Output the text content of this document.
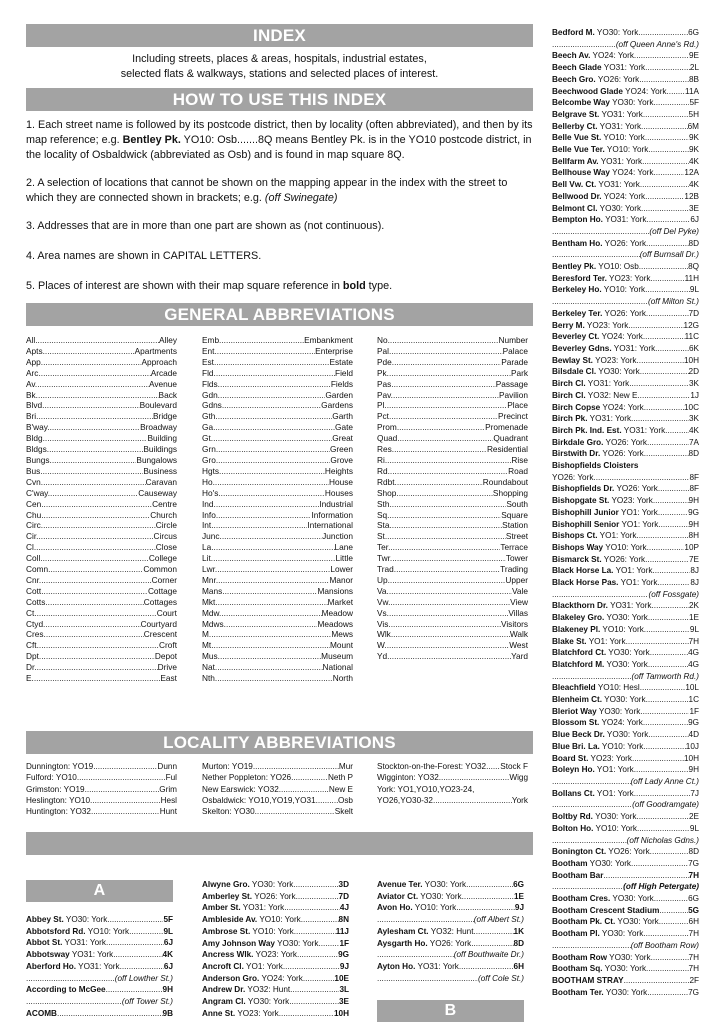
INDEX
Including streets, places & areas, hospitals, industrial estates,
selected flats & walkways, stations and selected places of interest.
HOW TO USE THIS INDEX
1. Each street name is followed by its postcode district, then by locality (often abbreviated), and then by its map reference; e.g. Bentley Pk. YO10: Osb.......8Q means Bentley Pk. is in the YO10 postcode district, in the locality of Osbaldwick (abbreviated as Osb) and is found in map square 8Q.
2. A selection of locations that cannot be shown on the mapping appear in the index with the street to which they are connected shown in brackets; e.g. (off Swinegate)
3. Addresses that are in more than one part are shown as (not continuous).
4. Area names are shown in CAPITAL LETTERS.
5. Places of interest are shown with their map square reference in bold type.
GENERAL ABBREVIATIONS
All .....	Alley
Apts. .....	Apartments
App. .....	Approach
Arc. .....	Arcade
Av. .....	Avenue
Bk. .....	Back
Blvd. .....	Boulevard
Bri. .....	Bridge
B'way. .....	Broadway
Bldg. .....	Building
Bldgs. .....	Buildings
Bungs. .....	Bungalows
Bus. .....	Business
Cvn. .....	Caravan
C'way. .....	Causeway
Cen. .....	Centre
Chu. .....	Church
Circ. .....	Circle
Cir. .....	Circus
Cl. .....	Close
Coll. .....	College
Comn. .....	Common
Cnr. .....	Corner
Cott. .....	Cottage
Cotts. .....	Cottages
Ct. .....	Court
Ctyd. .....	Courtyard
Cres. .....	Crescent
Cft. .....	Croft
Dpt. .....	Depot
Dr. .....	Drive
E. .....	East
Emb. .....	Embankment
Ent. .....	Enterprise
Est. .....	Estate
Fld. .....	Field
Flds. .....	Fields
Gdn. .....	Garden
Gdns. .....	Gardens
Gth. .....	Garth
Ga. .....	Gate
Gt. .....	Great
Grn. .....	Green
Gro. .....	Grove
Hgts. .....	Heights
Ho. .....	House
Ho's. .....	Houses
Ind. .....	Industrial
Info. .....	Information
Int. .....	International
Junc. .....	Junction
La. .....	Lane
Lit. .....	Little
Lwr. .....	Lower
Mnr. .....	Manor
Mans. .....	Mansions
Mkt. .....	Market
Mdw. .....	Meadow
Mdws. .....	Meadows
M. .....	Mews
Mt. .....	Mount
Mus. .....	Museum
Nat. .....	National
Nth. .....	North
No. .....	Number
Pal. .....	Palace
Pde. .....	Parade
Pk. .....	Park
Pas. .....	Passage
Pav. .....	Pavilion
Pl. .....	Place
Pct. .....	Precinct
Prom. .....	Promenade
Quad. .....	Quadrant
Res. .....	Residential
Ri. .....	Rise
Rd. .....	Road
Rdbt. .....	Roundabout
Shop. .....	Shopping
Sth. .....	South
Sq. .....	Square
Sta. .....	Station
St. .....	Street
Ter. .....	Terrace
Twr. .....	Tower
Trad. .....	Trading
Up. .....	Upper
Va. .....	Vale
Vw. .....	View
Vs. .....	Villas
Vis. .....	Visitors
Wlk. .....	Walk
W. .....	West
Yd. .....	Yard
LOCALITY ABBREVIATIONS
Dunnington: YO19 .....	Dunn
Fulford: YO10 .....	Ful
Grimston: YO19 .....	Grim
Heslington: YO10 .....	Hesl
Huntington: YO32 .....	Hunt
Murton: YO19 .....	Mur
Nether Poppleton: YO26 .....	Neth P
New Earswick: YO32 .....	New E
Osbaldwick: YO10,YO19,YO31 .....	Osb
Skelton: YO30 .....	Skelt
Stockton-on-the-Forest: YO32 ..... Stock F
Wigginton: YO32 .....	Wigg
York: YO1,YO10,YO23-24,
YO26,YO30-32 .....	York
A
Abbey St. YO30: York .....	5F
Abbotsford Rd. YO10: York .....	9L
Abbot St. YO31: York .....	6J
Abbotsway YO31: York .....	4K
Aberford Ho. YO31: York .....	6J
.....
(off Lowther St.)
According to McGee .....	9H
.....
(off Tower St.)
ACOMB .....	9B
Alwyne Gro. YO30: York .....	3D
Amberley St. YO26: York .....	7D
Amber St. YO31: York .....	4J
Ambleside Av. YO10: York .....	8N
Ambrose St. YO10: York .....	11J
Amy Johnson Way YO30: York .....	1F
Ancress Wlk. YO23: York .....	9G
Ancroft Cl. YO1: York .....	9J
Anderson Gro. YO24: York .....	10E
Andrew Dr. YO32: Hunt .....	3L
Angram Cl. YO30: York .....	3E
Anne St. YO23: York .....	10H
Avenue Ter. YO30: York .....	6G
Aviator Ct. YO30: York .....	1E
Avon Ho. YO10: York .....	9J
.....
(off Albert St.)
Aylesham Ct. YO32: Hunt .....	1K
Aysgarth Ho. YO26: York .....	8D
.....
(off Bouthwaite Dr.)
Ayton Ho. YO31: York .....	6H
.....
(off Cole St.)
B
Bedford M. YO30: York .....	6G
.....
(off Queen Anne's Rd.)
Beech Av. YO24: York .....	9E
Beech Glade YO31: York .....	2L
Beech Gro. YO26: York .....	8B
Beechwood Glade YO24: York ..... 11A
Belcombe Way YO30: York .....	5F
Belgrave St. YO31: York .....	5H
Bellerby Ct. YO31: York .....	6M
Belle Vue St. YO10: York .....	9K
Belle Vue Ter. YO10: York .....	9K
Bellfarm Av. YO31: York .....	4K
Bellhouse Way YO24: York .....	12A
Bell Vw. Ct. YO31: York .....	4K
Bellwood Dr. YO24: York .....	12B
Belmont Cl. YO30: York .....	3E
Bempton Ho. YO31: York .....	6J
.....
(off Del Pyke)
Bentham Ho. YO26: York .....	8D
.....
(off Burnsall Dr.)
Bentley Pk. YO10: Osb .....	8Q
Beresford Ter. YO23: York .....	11H
Berkeley Ho. YO10: York .....	9L
.....
(off Milton St.)
Berkeley Ter. YO26: York .....	7D
Berry M. YO23: York .....	12G
Beverley Ct. YO24: York .....	11C
Beverley Gdns. YO31: York .....	6K
Bewlay St. YO23: York .....	10H
Bilsdale Cl. YO30: York .....	2D
Birch Cl. YO31: York .....	3K
Birch Cl. YO32: New E .....	1J
Birch Copse YO24: York .....	10C
Birch Pk. YO31: York .....	3K
Birch Pk. Ind. Est. YO31: York .....	4K
Birkdale Gro. YO26: York .....	7A
Birstwith Dr. YO26: York .....	8D
Bishopfields Cloisters
YO26: York .....	8F
Bishopfields Dr. YO26: York .....	8F
Bishopgate St. YO23: York .....	9H
Bishophill Junior YO1: York .....	9G
Bishophill Senior YO1: York .....	9H
Bishops Ct. YO1: York .....	8H
Bishops Way YO10: York .....	10P
Bismarck St. YO26: York .....	7E
Black Horse La. YO1: York .....	8J
Black Horse Pas. YO1: York .....	8J
.....
(off Fossgate)
Blackthorn Dr. YO31: York .....	2K
Blakeley Gro. YO30: York .....	1E
Blakeney Pl. YO10: York .....	9L
Blake St. YO1: York .....	7H
Blatchford Ct. YO30: York .....	4G
Blatchford M. YO30: York .....	4G
.....
(off Tamworth Rd.)
Bleachfield YO10: Hesl .....	10L
Blenheim Ct. YO30: York .....	1C
Bleriot Way YO30: York .....	1F
Blossom St. YO24: York .....	9G
Blue Beck Dr. YO30: York .....	4D
Blue Bri. La. YO10: York .....	10J
Board St. YO23: York .....	10H
Boleyn Ho. YO1: York .....	9H
.....
(off Lady Anne Ct.)
Bollans Ct. YO1: York .....	7J
.....
(off Goodramgate)
Boltby Rd. YO30: York .....	2E
Bolton Ho. YO10: York .....	9L
.....
(off Nicholas Gdns.)
Bonington Ct. YO26: York .....	8D
Bootham YO30: York .....	7G
Bootham Bar .....	7H
.....
(off High Petergate)
Bootham Cres. YO30: York .....	6G
Bootham Crescent Stadium .....	5G
Bootham Pk. Ct. YO30: York .....	6H
Bootham Pl. YO30: York .....	7H
.....
(off Bootham Row)
Bootham Row YO30: York .....	7H
Bootham Sq. YO30: York .....	7H
BOOTHAM STRAY .....	2F
Bootham Ter. YO30: York .....	7G
